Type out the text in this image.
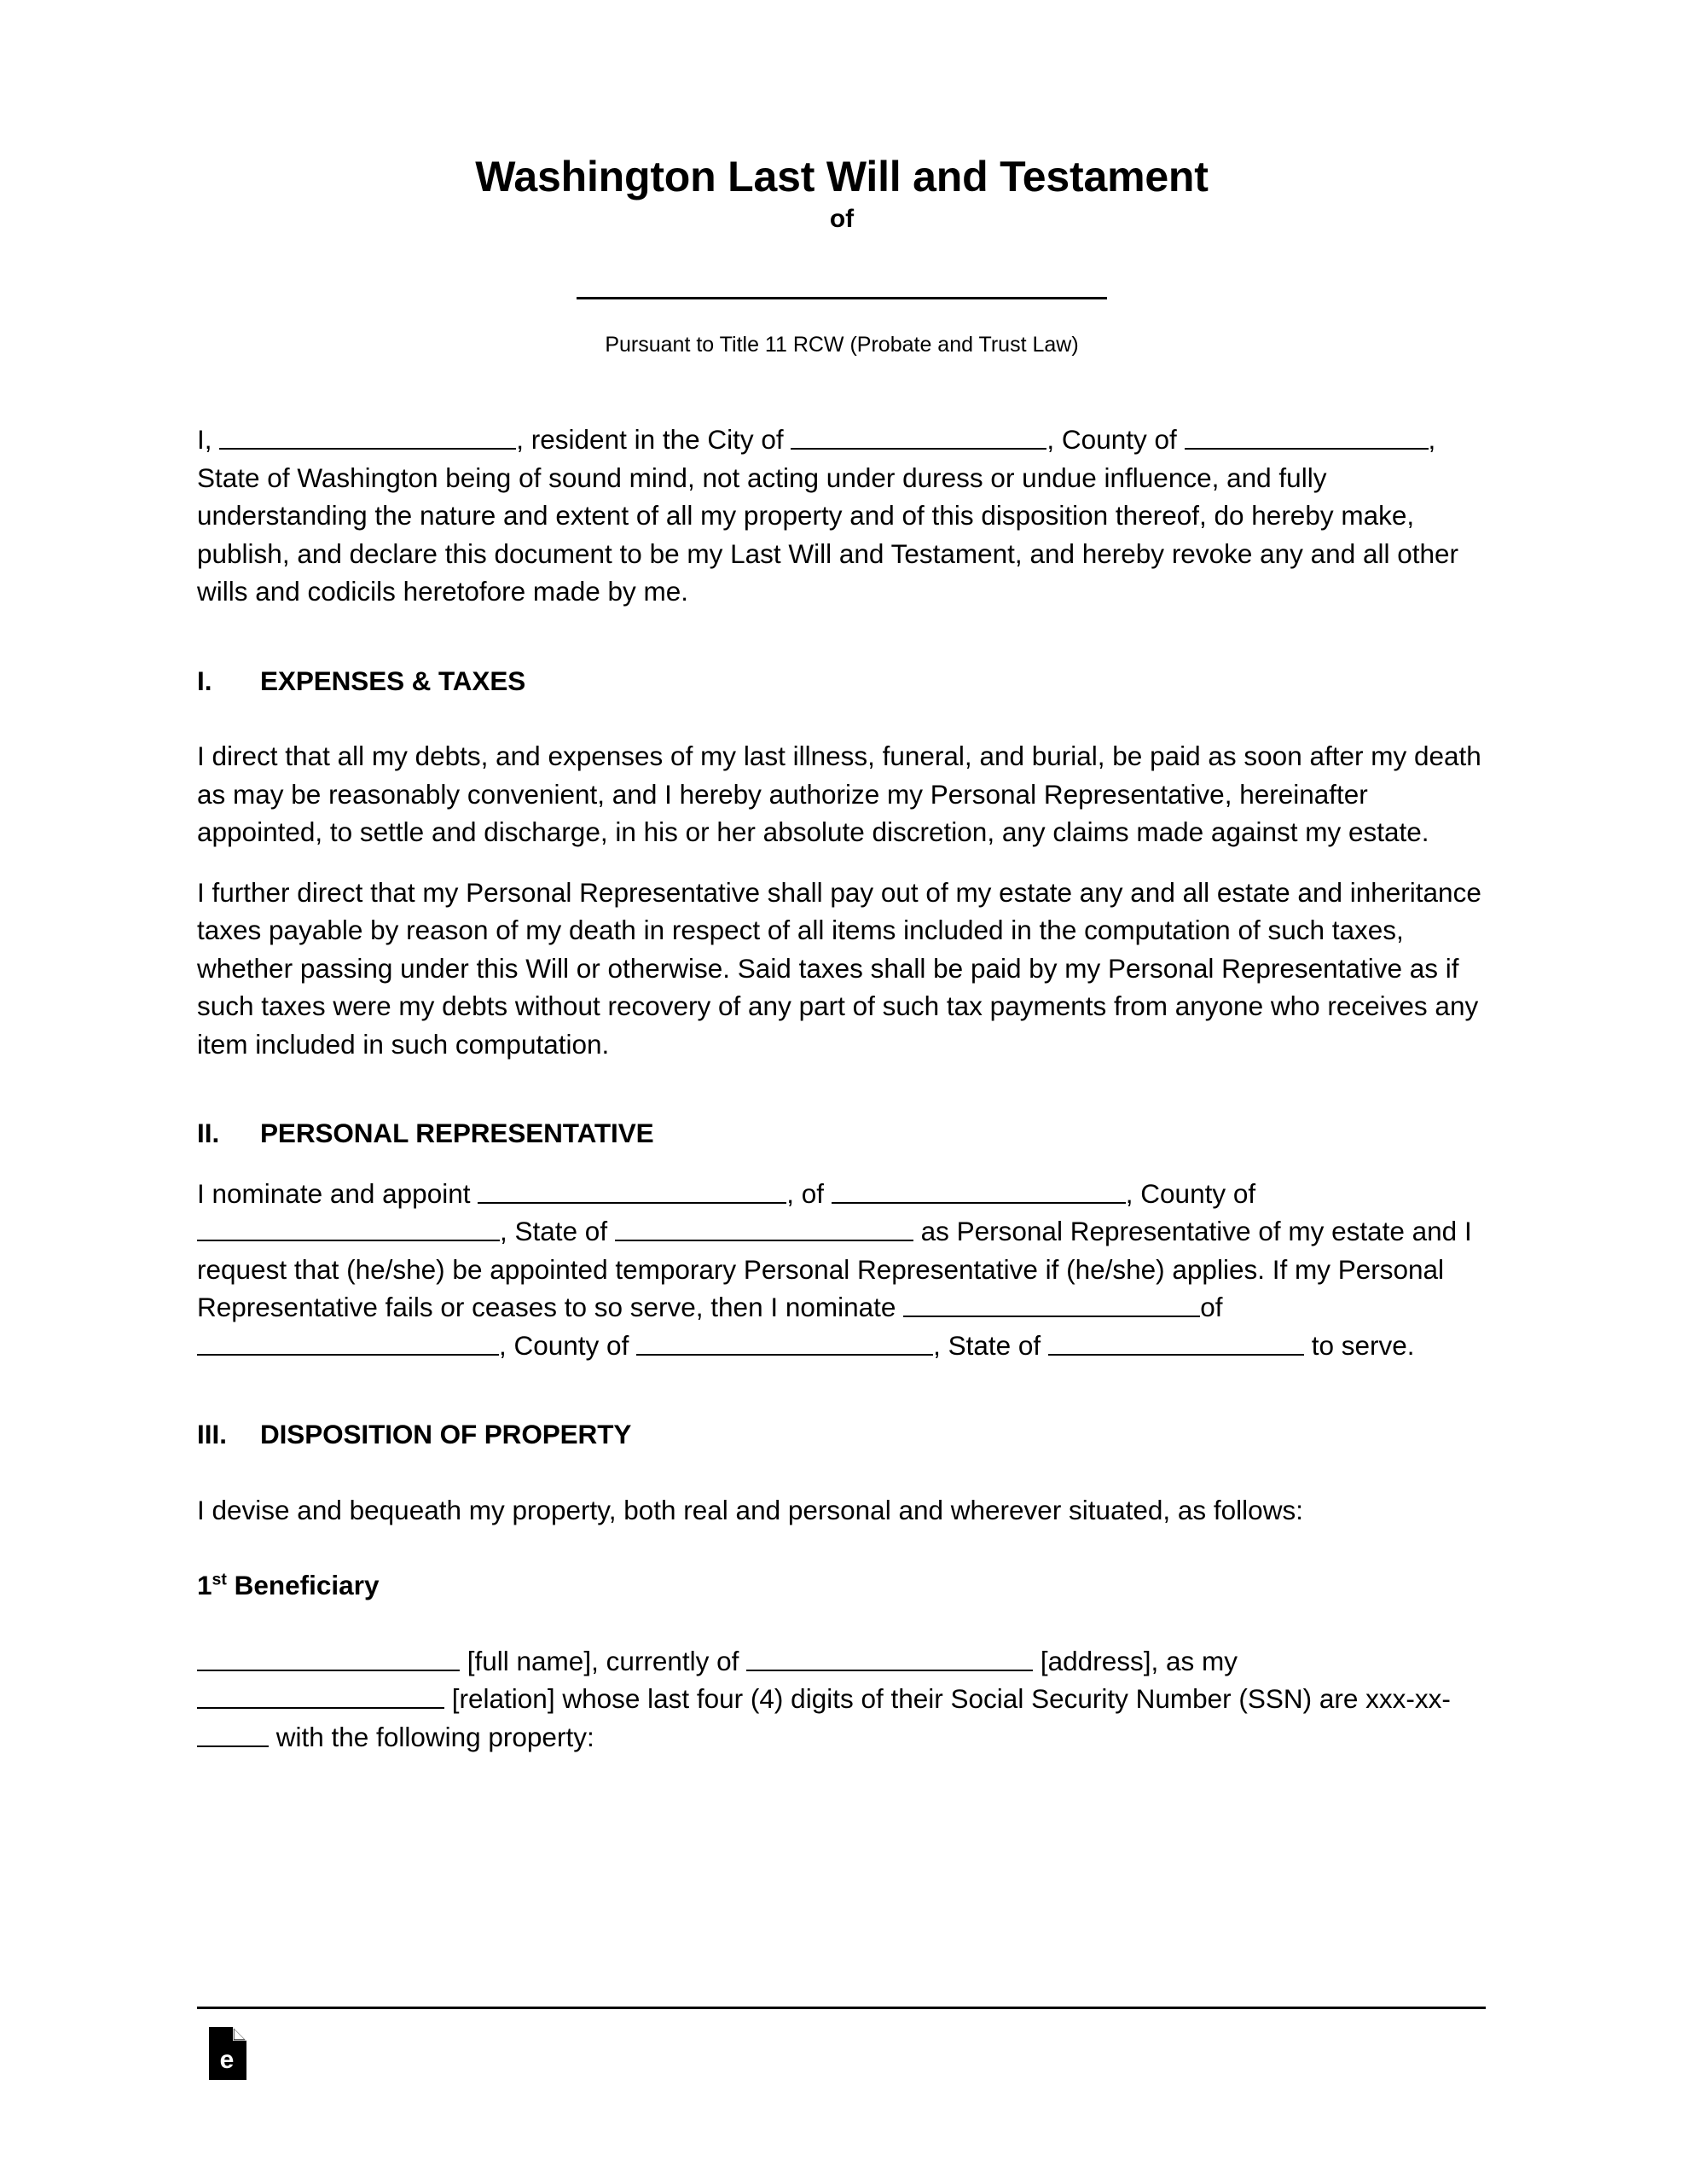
Washington Last Will and Testament
of
Pursuant to Title 11 RCW (Probate and Trust Law)

I,	, resident in the City of	, County of	, State of Washington being of sound mind, not acting under duress or undue influence, and fully understanding the nature and extent of all my property and of this disposition thereof, do hereby make, publish, and declare this document to be my Last Will and Testament, and hereby revoke any and all other wills and codicils heretofore made by me.

I.	EXPENSES & TAXES

I direct that all my debts, and expenses of my last illness, funeral, and burial, be paid as soon after my death as may be reasonably convenient, and I hereby authorize my Personal Representative, hereinafter appointed, to settle and discharge, in his or her absolute discretion, any claims made against my estate.

I further direct that my Personal Representative shall pay out of my estate any and all estate and inheritance taxes payable by reason of my death in respect of all items included in the computation of such taxes, whether passing under this Will or otherwise. Said taxes shall be paid by my Personal Representative as if such taxes were my debts without recovery of any part of such tax payments from anyone who receives any item included in such computation.

II.	PERSONAL REPRESENTATIVE

I nominate and appoint	, of	, County of , State of	as Personal Representative of my estate and I request that (he/she) be appointed temporary Personal Representative if (he/she) applies. If my Personal Representative fails or ceases to so serve, then I nominate	of , County of	, State of	to serve.

III.	DISPOSITION OF PROPERTY

I devise and bequeath my property, both real and personal and wherever situated, as follows:

1st Beneficiary

[full name], currently of	[address], as my  [relation] whose last four (4) digits of their Social Security Number (SSN) are xxx-xx- with the following property:

e
